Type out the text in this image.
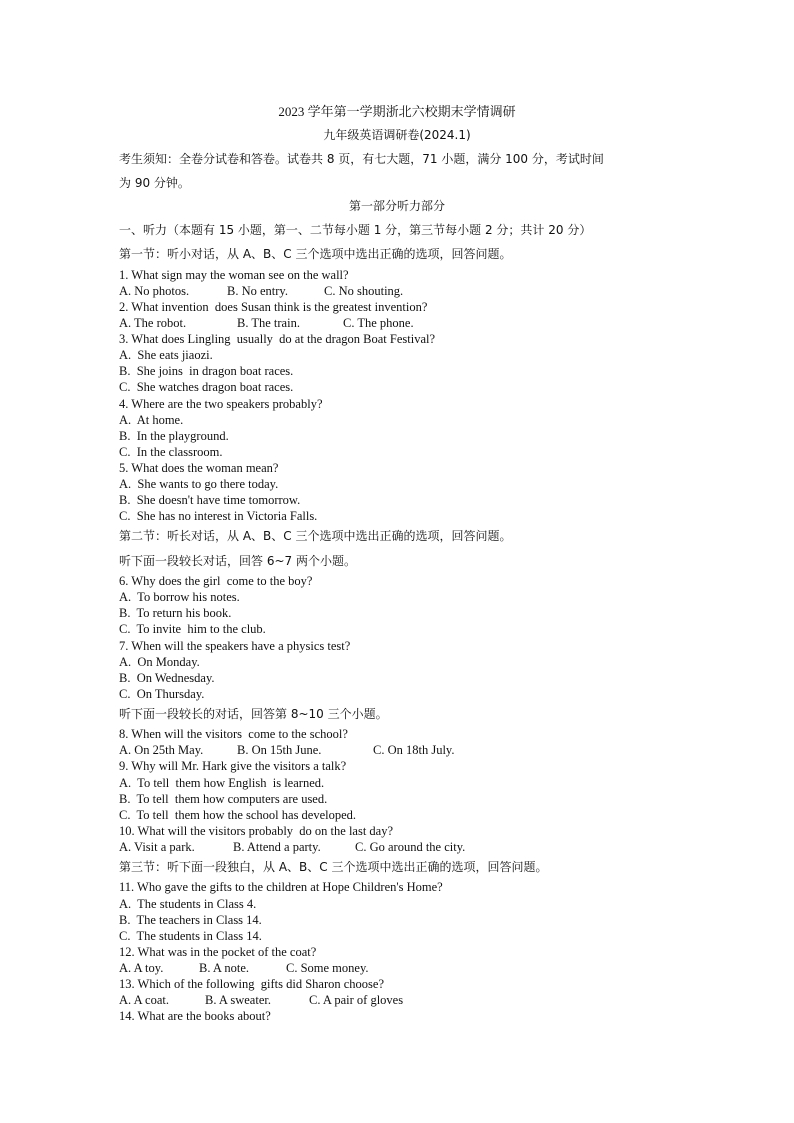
2023 学年第一学期浙北六校期末学情调研
九年级英语调研卷(2024.1)
考生须知：全卷分试卷和答卷。试卷共 8 页，有七大题，71 小题，满分 100 分，考试时间
为 90 分钟。
第一部分听力部分
一、听力（本题有 15 小题，第一、二节每小题 1 分，第三节每小题 2 分；共计 20 分）
第一节：听小对话，从 A、B、C 三个选项中选出正确的选项，回答问题。
1. What sign may the woman see on the wall?
A. No photos.	B. No entry.	C. No shouting.
2. What invention  does Susan think is the greatest invention?
A. The robot.	B. The train.	C. The phone.
3. What does Lingling  usually  do at the dragon Boat Festival?
A.  She eats jiaozi.
B.  She joins  in dragon boat races.
C.  She watches dragon boat races.
4. Where are the two speakers probably?
A.  At home.
B.  In the playground.
C.  In the classroom.
5. What does the woman mean?
A.  She wants to go there today.
B.  She doesn't have time tomorrow.
C.  She has no interest in Victoria Falls.
第二节：听长对话，从 A、B、C 三个选项中选出正确的选项，回答问题。
听下面一段较长对话，回答 6~7 两个小题。
6. Why does the girl  come to the boy?
A.  To borrow his notes.
B.  To return his book.
C.  To invite  him to the club.
7. When will the speakers have a physics test?
A.  On Monday.
B.  On Wednesday.
C.  On Thursday.
听下面一段较长的对话，回答第 8~10 三个小题。
8. When will the visitors  come to the school?
A. On 25th May.	B. On 15th June.	C. On 18th July.
9. Why will Mr. Hark give the visitors a talk?
A.  To tell  them how English  is learned.
B.  To tell  them how computers are used.
C.  To tell  them how the school has developed.
10. What will the visitors probably  do on the last day?
A. Visit a park.	B. Attend a party.	C. Go around the city.
第三节：听下面一段独白，从 A、B、C 三个选项中选出正确的选项，回答问题。
11. Who gave the gifts to the children at Hope Children's Home?
A.  The students in Class 4.
B.  The teachers in Class 14.
C.  The students in Class 14.
12. What was in the pocket of the coat?
A. A toy.	B. A note.	C. Some money.
13. Which of the following  gifts did Sharon choose?
A. A coat.	B. A sweater.	C. A pair of gloves
14. What are the books about?
